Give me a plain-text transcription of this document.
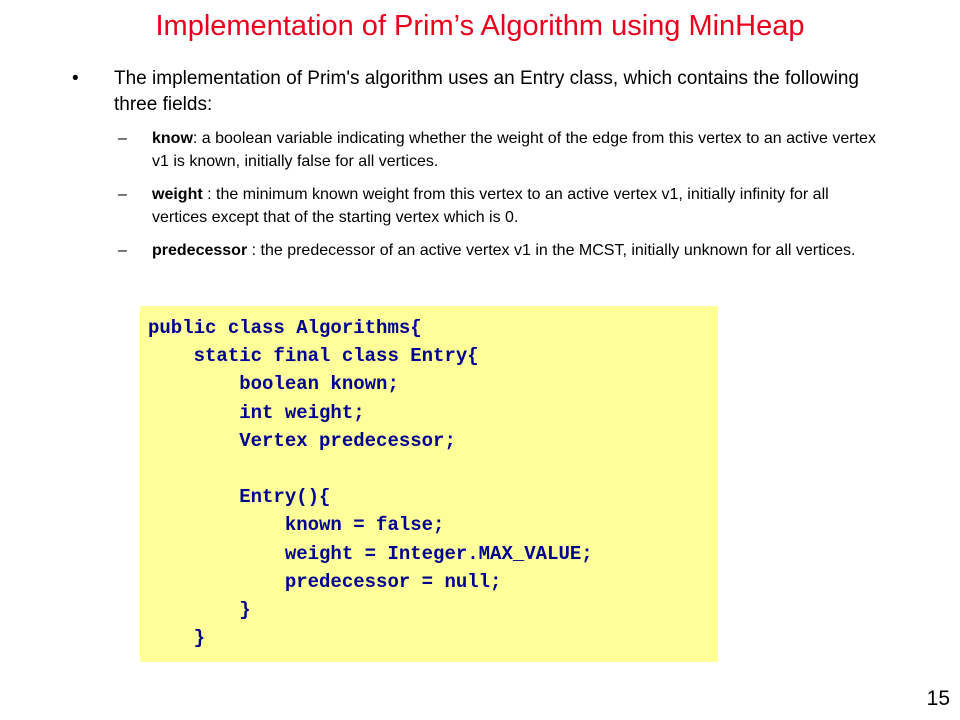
Implementation of Prim’s Algorithm using MinHeap
• The implementation of Prim's algorithm uses an Entry class, which contains the following three fields:
– know: a boolean variable indicating whether the weight of the edge from this vertex to an active vertex v1 is known, initially false for all vertices.
– weight : the minimum known weight from this vertex to an active vertex v1, initially infinity for all vertices except that of the starting vertex which is 0.
– predecessor : the predecessor of an active vertex v1 in the MCST, initially unknown for all vertices.
public class Algorithms{
static final class Entry{
boolean known;
int weight;
Vertex predecessor;
Entry(){
known = false;
weight = Integer.MAX_VALUE;
predecessor = null;
}
}
15
